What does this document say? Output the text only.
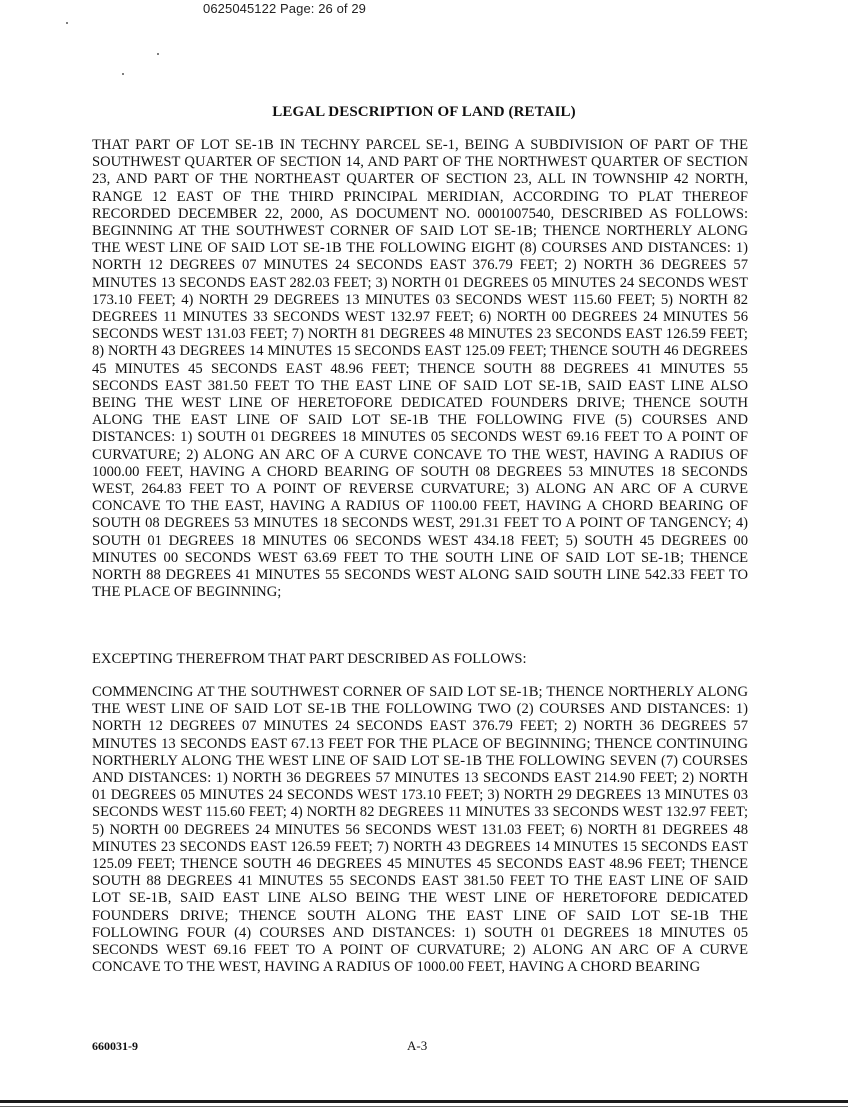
0625045122 Page: 26 of 29
LEGAL DESCRIPTION OF LAND (RETAIL)

THAT PART OF LOT SE-1B IN TECHNY PARCEL SE-1, BEING A SUBDIVISION OF PART OF THE SOUTHWEST QUARTER OF SECTION 14, AND PART OF THE NORTHWEST QUARTER OF SECTION 23, AND PART OF THE NORTHEAST QUARTER OF SECTION 23, ALL IN TOWNSHIP 42 NORTH, RANGE 12 EAST OF THE THIRD PRINCIPAL MERIDIAN, ACCORDING TO PLAT THEREOF RECORDED DECEMBER 22, 2000, AS DOCUMENT NO. 0001007540, DESCRIBED AS FOLLOWS: BEGINNING AT THE SOUTHWEST CORNER OF SAID LOT SE-1B; THENCE NORTHERLY ALONG THE WEST LINE OF SAID LOT SE-1B THE FOLLOWING EIGHT (8) COURSES AND DISTANCES: 1) NORTH 12 DEGREES 07 MINUTES 24 SECONDS EAST 376.79 FEET; 2) NORTH 36 DEGREES 57 MINUTES 13 SECONDS EAST 282.03 FEET; 3) NORTH 01 DEGREES 05 MINUTES 24 SECONDS WEST 173.10 FEET; 4) NORTH 29 DEGREES 13 MINUTES 03 SECONDS WEST 115.60 FEET; 5) NORTH 82 DEGREES 11 MINUTES 33 SECONDS WEST 132.97 FEET; 6) NORTH 00 DEGREES 24 MINUTES 56 SECONDS WEST 131.03 FEET; 7) NORTH 81 DEGREES 48 MINUTES 23 SECONDS EAST 126.59 FEET; 8) NORTH 43 DEGREES 14 MINUTES 15 SECONDS EAST 125.09 FEET; THENCE SOUTH 46 DEGREES 45 MINUTES 45 SECONDS EAST 48.96 FEET; THENCE SOUTH 88 DEGREES 41 MINUTES 55 SECONDS EAST 381.50 FEET TO THE EAST LINE OF SAID LOT SE-1B, SAID EAST LINE ALSO BEING THE WEST LINE OF HERETOFORE DEDICATED FOUNDERS DRIVE; THENCE SOUTH ALONG THE EAST LINE OF SAID LOT SE-1B THE FOLLOWING FIVE (5) COURSES AND DISTANCES: 1) SOUTH 01 DEGREES 18 MINUTES 05 SECONDS WEST 69.16 FEET TO A POINT OF CURVATURE; 2) ALONG AN ARC OF A CURVE CONCAVE TO THE WEST, HAVING A RADIUS OF 1000.00 FEET, HAVING A CHORD BEARING OF SOUTH 08 DEGREES 53 MINUTES 18 SECONDS WEST, 264.83 FEET TO A POINT OF REVERSE CURVATURE; 3) ALONG AN ARC OF A CURVE CONCAVE TO THE EAST, HAVING A RADIUS OF 1100.00 FEET, HAVING A CHORD BEARING OF SOUTH 08 DEGREES 53 MINUTES 18 SECONDS WEST, 291.31 FEET TO A POINT OF TANGENCY; 4) SOUTH 01 DEGREES 18 MINUTES 06 SECONDS WEST 434.18 FEET; 5) SOUTH 45 DEGREES 00 MINUTES 00 SECONDS WEST 63.69 FEET TO THE SOUTH LINE OF SAID LOT SE-1B; THENCE NORTH 88 DEGREES 41 MINUTES 55 SECONDS WEST ALONG SAID SOUTH LINE 542.33 FEET TO THE PLACE OF BEGINNING;

EXCEPTING THEREFROM THAT PART DESCRIBED AS FOLLOWS:

COMMENCING AT THE SOUTHWEST CORNER OF SAID LOT SE-1B; THENCE NORTHERLY ALONG THE WEST LINE OF SAID LOT SE-1B THE FOLLOWING TWO (2) COURSES AND DISTANCES: 1) NORTH 12 DEGREES 07 MINUTES 24 SECONDS EAST 376.79 FEET; 2) NORTH 36 DEGREES 57 MINUTES 13 SECONDS EAST 67.13 FEET FOR THE PLACE OF BEGINNING; THENCE CONTINUING NORTHERLY ALONG THE WEST LINE OF SAID LOT SE-1B THE FOLLOWING SEVEN (7) COURSES AND DISTANCES: 1) NORTH 36 DEGREES 57 MINUTES 13 SECONDS EAST 214.90 FEET; 2) NORTH 01 DEGREES 05 MINUTES 24 SECONDS WEST 173.10 FEET; 3) NORTH 29 DEGREES 13 MINUTES 03 SECONDS WEST 115.60 FEET; 4) NORTH 82 DEGREES 11 MINUTES 33 SECONDS WEST 132.97 FEET; 5) NORTH 00 DEGREES 24 MINUTES 56 SECONDS WEST 131.03 FEET; 6) NORTH 81 DEGREES 48 MINUTES 23 SECONDS EAST 126.59 FEET; 7) NORTH 43 DEGREES 14 MINUTES 15 SECONDS EAST 125.09 FEET; THENCE SOUTH 46 DEGREES 45 MINUTES 45 SECONDS EAST 48.96 FEET; THENCE SOUTH 88 DEGREES 41 MINUTES 55 SECONDS EAST 381.50 FEET TO THE EAST LINE OF SAID LOT SE-1B, SAID EAST LINE ALSO BEING THE WEST LINE OF HERETOFORE DEDICATED FOUNDERS DRIVE; THENCE SOUTH ALONG THE EAST LINE OF SAID LOT SE-1B THE FOLLOWING FOUR (4) COURSES AND DISTANCES: 1) SOUTH 01 DEGREES 18 MINUTES 05 SECONDS WEST 69.16 FEET TO A POINT OF CURVATURE; 2) ALONG AN ARC OF A CURVE CONCAVE TO THE WEST, HAVING A RADIUS OF 1000.00 FEET, HAVING A CHORD BEARING

660031-9	A-3
